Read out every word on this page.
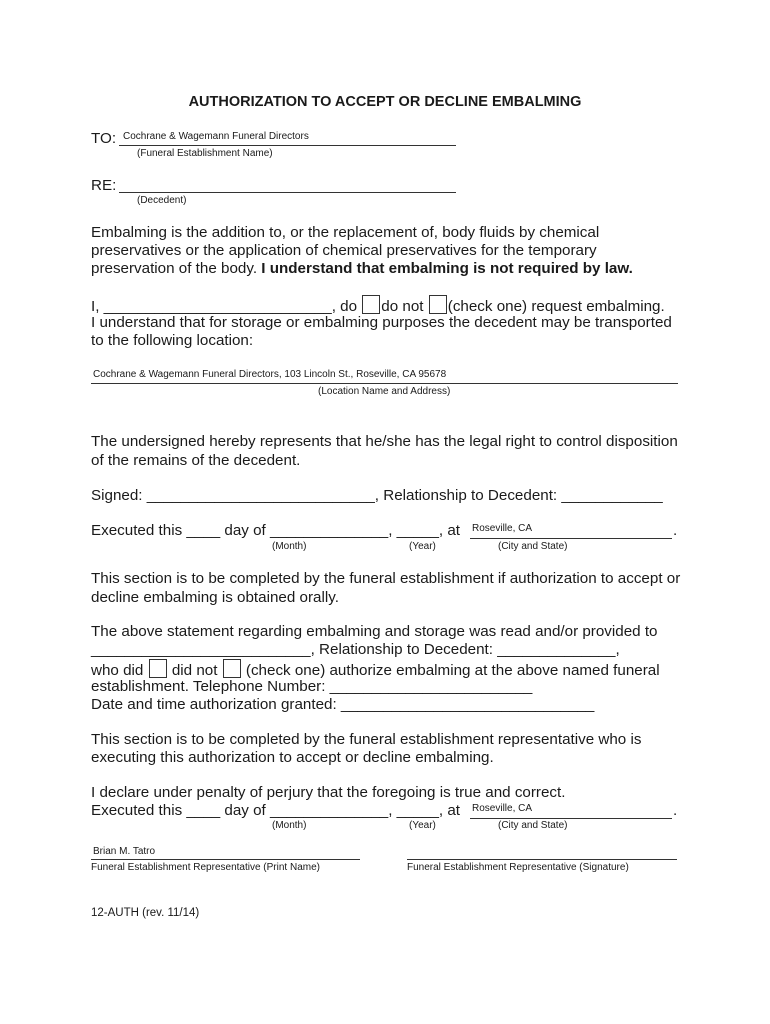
AUTHORIZATION TO ACCEPT OR DECLINE EMBALMING
TO: Cochrane & Wagemann Funeral Directors
(Funeral Establishment Name)
RE:
(Decedent)
Embalming is the addition to, or the replacement of, body fluids by chemical
preservatives or the application of chemical preservatives for the temporary
preservation of the body. I understand that embalming is not required by law.
I, ___________________________, do do not (check one) request embalming.
I understand that for storage or embalming purposes the decedent may be transported
to the following location:
Cochrane & Wagemann Funeral Directors, 103 Lincoln St., Roseville, CA 95678
(Location Name and Address)
The undersigned hereby represents that he/she has the legal right to control disposition
of the remains of the decedent.
Signed: ___________________________, Relationship to Decedent: ____________
Executed this ____ day of ______________, _____, at Roseville, CA	.
(Month)	(Year)	(City and State)
This section is to be completed by the funeral establishment if authorization to accept or
decline embalming is obtained orally.
The above statement regarding embalming and storage was read and/or provided to
__________________________, Relationship to Decedent: ______________,
who did did not (check one) authorize embalming at the above named funeral
establishment. Telephone Number: ________________________
Date and time authorization granted: ______________________________
This section is to be completed by the funeral establishment representative who is
executing this authorization to accept or decline embalming.
I declare under penalty of perjury that the foregoing is true and correct.
Executed this ____ day of ______________, _____, at Roseville, CA	.
(Month)	(Year)	(City and State)
Brian M. Tatro
Funeral Establishment Representative (Print Name)	Funeral Establishment Representative (Signature)
12-AUTH (rev. 11/14)
